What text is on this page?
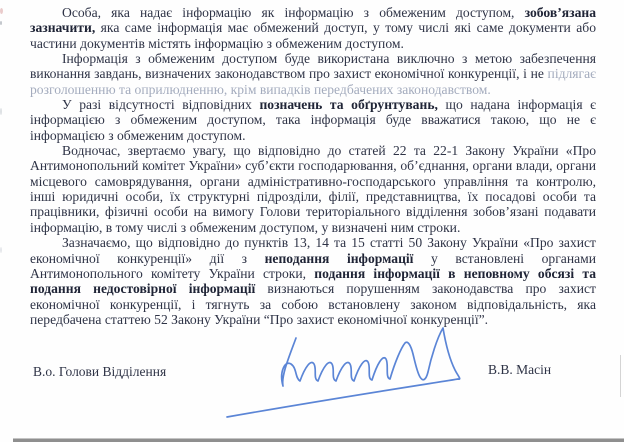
Особа, яка надає інформацію як інформацію з обмеженим доступом, зобов’язана зазначити, яка саме інформація має обмежений доступ, у тому числі які саме документи або частини документів містять інформацію з обмеженим доступом.

Інформація з обмеженим доступом буде використана виключно з метою забезпечення виконання завдань, визначених законодавством про захист економічної конкуренції, і не підлягає розголошенню та оприлюдненню, крім випадків передбачених законодавством.

У разі відсутності відповідних позначень та обґрунтувань, що надана інформація є інформацією з обмеженим доступом, така інформація буде вважатися такою, що не є інформацією з обмеженим доступом.

Водночас, звертаємо увагу, що відповідно до статей 22 та 22-1 Закону України «Про Антимонопольний комітет України» суб’єкти господарювання, об’єднання, органи влади, органи місцевого самоврядування, органи адміністративно-господарського управління та контролю, інші юридичні особи, їх структурні підрозділи, філії, представництва, їх посадові особи та працівники, фізичні особи на вимогу Голови територіального відділення зобов’язані подавати інформацію, в тому числі з обмеженим доступом, у визначені ним строки.

Зазначаємо, що відповідно до пунктів 13, 14 та 15 статті 50 Закону України «Про захист економічної конкуренції» дії з неподання інформації у встановлені органами Антимонопольного комітету України строки, подання інформації в неповному обсязі та подання недостовірної інформації визнаються порушенням законодавства про захист економічної конкуренції, і тягнуть за собою встановлену законом відповідальність, яка передбачена статтею 52 Закону України “Про захист економічної конкуренції”.

В.о. Голови Відділення	В.В. Масін
